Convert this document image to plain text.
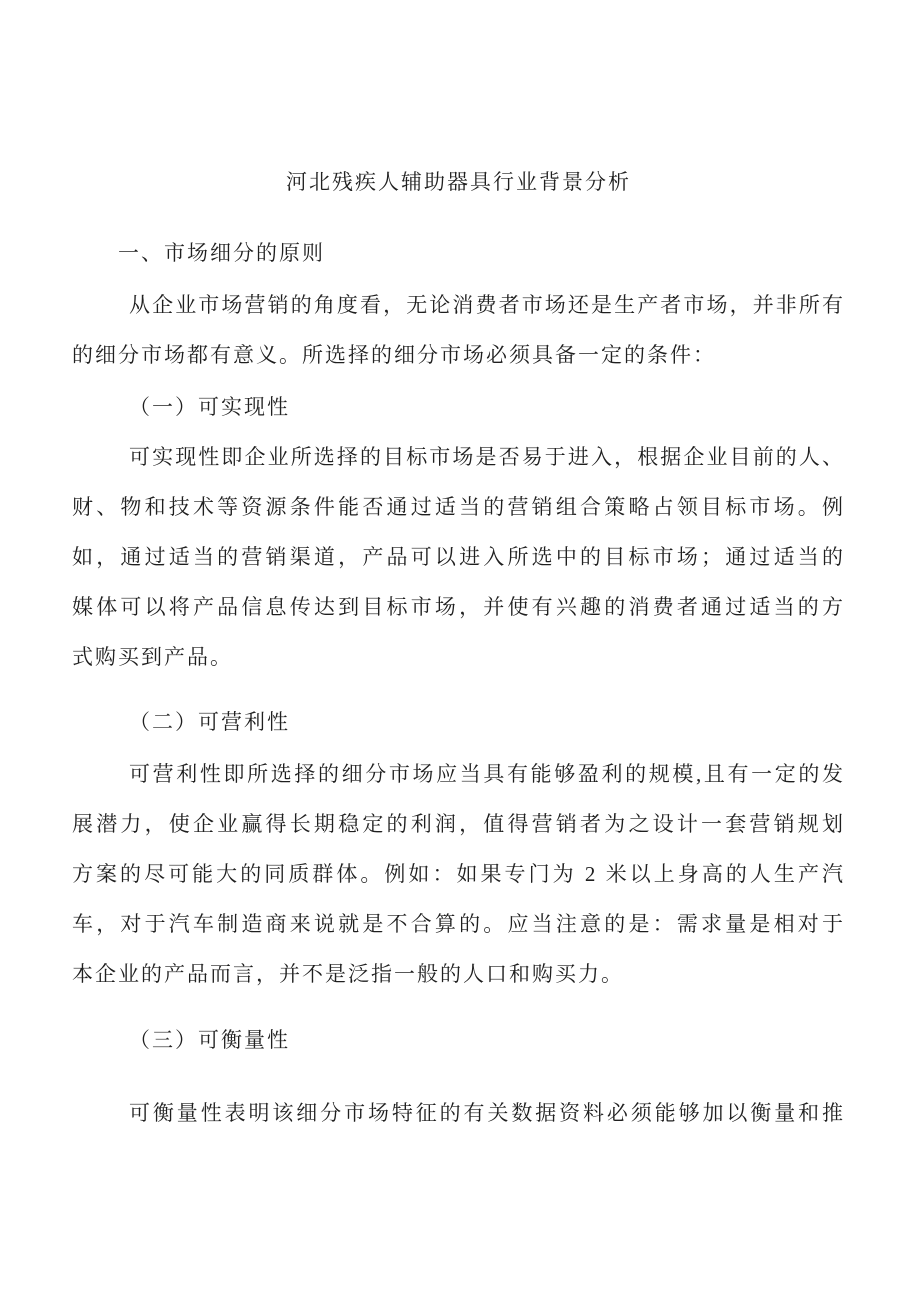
河北残疾人辅助器具行业背景分析
一、市场细分的原则
从企业市场营销的角度看，无论消费者市场还是生产者市场，并非所有
的细分市场都有意义。所选择的细分市场必须具备一定的条件：
（一）可实现性
可实现性即企业所选择的目标市场是否易于进入，根据企业目前的人、
财、物和技术等资源条件能否通过适当的营销组合策略占领目标市场。例
如，通过适当的营销渠道，产品可以进入所选中的目标市场；通过适当的
媒体可以将产品信息传达到目标市场，并使有兴趣的消费者通过适当的方
式购买到产品。
（二）可营利性
可营利性即所选择的细分市场应当具有能够盈利的规模,且有一定的发
展潜力，使企业赢得长期稳定的利润，值得营销者为之设计一套营销规划
方案的尽可能大的同质群体。例如：如果专门为 2 米以上身高的人生产汽
车，对于汽车制造商来说就是不合算的。应当注意的是：需求量是相对于
本企业的产品而言，并不是泛指一般的人口和购买力。
（三）可衡量性
可衡量性表明该细分市场特征的有关数据资料必须能够加以衡量和推
